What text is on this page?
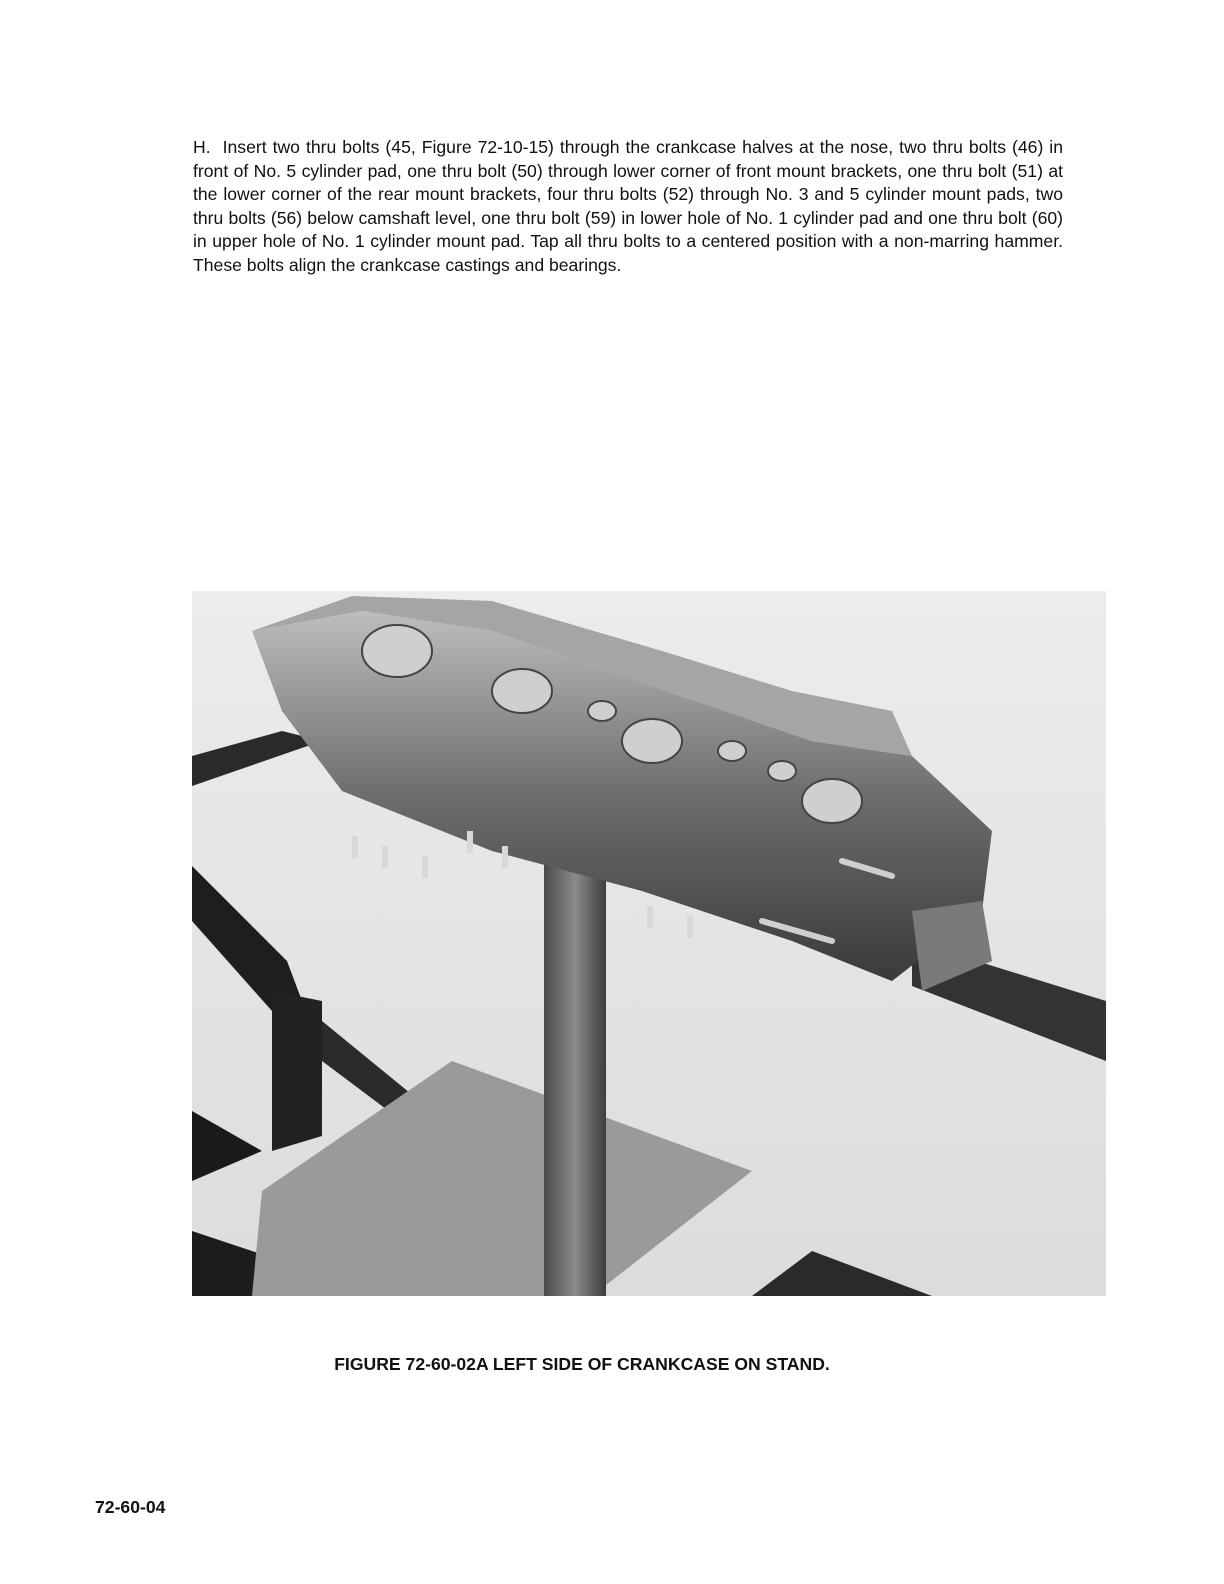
H. Insert two thru bolts (45, Figure 72-10-15) through the crankcase halves at the nose, two thru bolts (46) in front of No. 5 cylinder pad, one thru bolt (50) through lower corner of front mount brackets, one thru bolt (51) at the lower corner of the rear mount brackets, four thru bolts (52) through No. 3 and 5 cylinder mount pads, two thru bolts (56) below camshaft level, one thru bolt (59) in lower hole of No. 1 cylinder pad and one thru bolt (60) in upper hole of No. 1 cylinder mount pad. Tap all thru bolts to a centered position with a non-marring hammer. These bolts align the crankcase castings and bearings.

FIGURE 72-60-02A LEFT SIDE OF CRANKCASE ON STAND.
72-60-04
